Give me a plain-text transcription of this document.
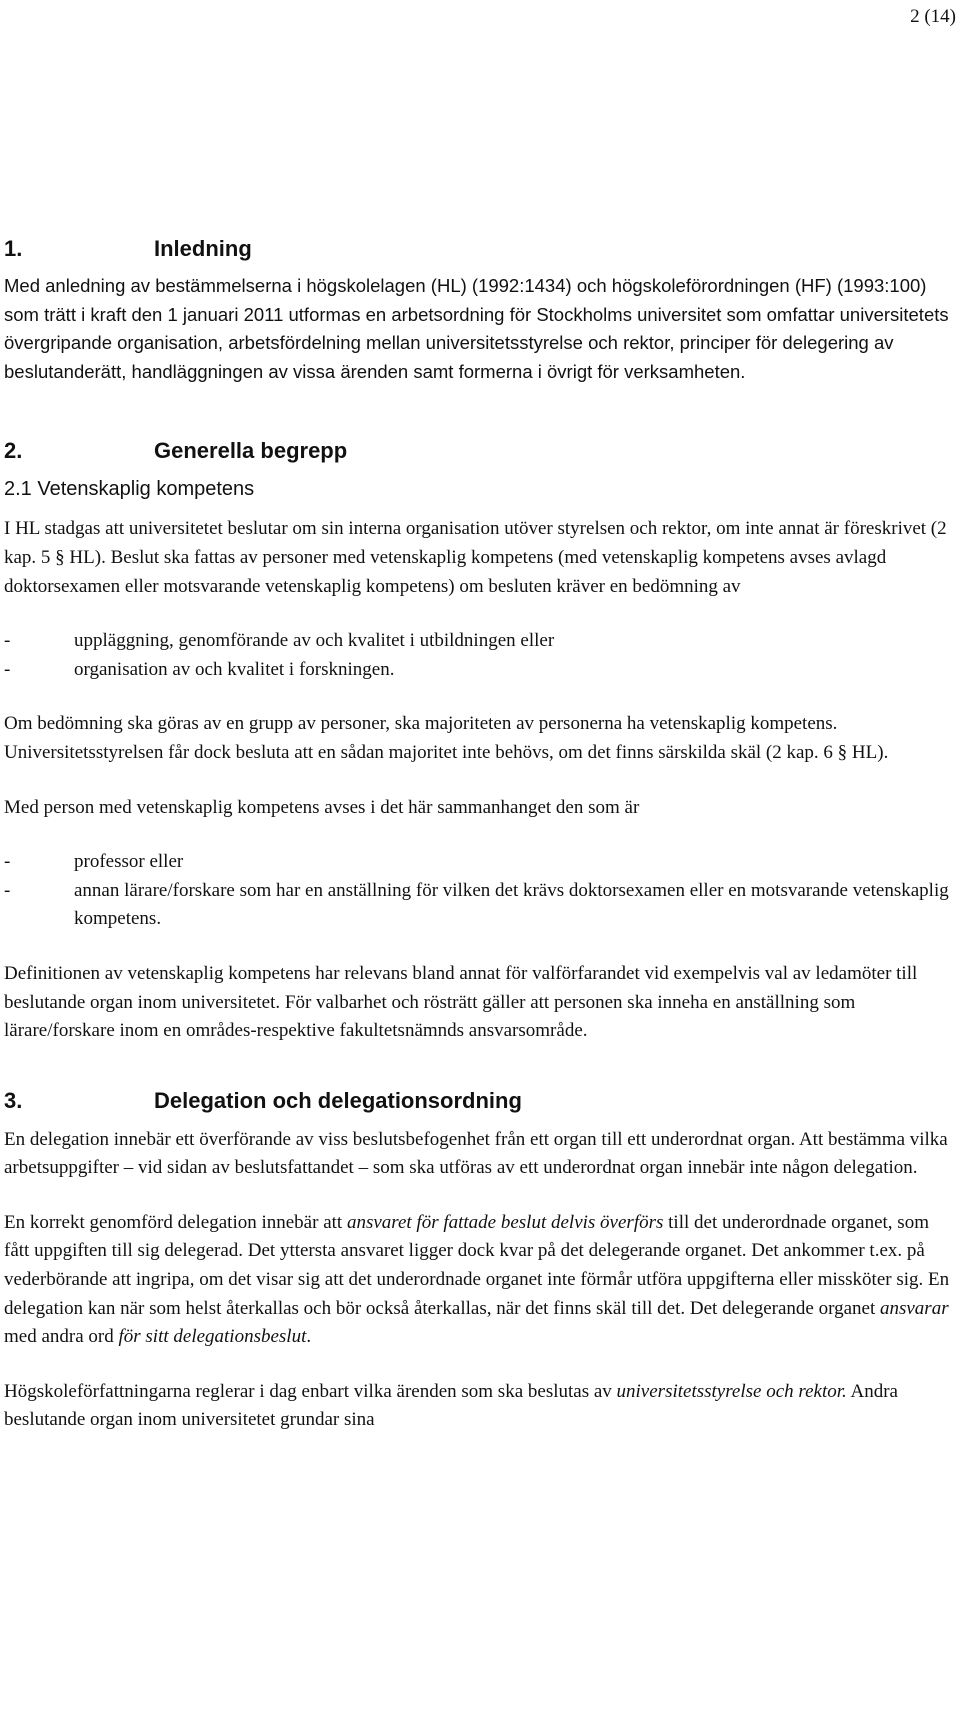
2 (14)
1.	Inledning

Med anledning av bestämmelserna i högskolelagen (HL) (1992:1434) och högskoleförordningen (HF) (1993:100) som trätt i kraft den 1 januari 2011 utformas en arbetsordning för Stockholms universitet som omfattar universitetets övergripande organisation, arbetsfördelning mellan universitetsstyrelse och rektor, principer för delegering av beslutanderätt, handläggningen av vissa ärenden samt formerna i övrigt för verksamheten.

2.	Generella begrepp
2.1 Vetenskaplig kompetens

I HL stadgas att universitetet beslutar om sin interna organisation utöver styrelsen och rektor, om inte annat är föreskrivet (2 kap. 5 § HL). Beslut ska fattas av personer med vetenskaplig kompetens (med vetenskaplig kompetens avses avlagd doktorsexamen eller motsvarande vetenskaplig kompetens) om besluten kräver en bedömning av

-	uppläggning, genomförande av och kvalitet i utbildningen eller
-	organisation av och kvalitet i forskningen.

Om bedömning ska göras av en grupp av personer, ska majoriteten av personerna ha vetenskaplig kompetens. Universitetsstyrelsen får dock besluta att en sådan majoritet inte behövs, om det finns särskilda skäl (2 kap. 6 § HL).

Med person med vetenskaplig kompetens avses i det här sammanhanget den som är

-	professor eller
-	annan lärare/forskare som har en anställning för vilken det krävs doktorsexamen eller en motsvarande vetenskaplig kompetens.

Definitionen av vetenskaplig kompetens har relevans bland annat för valförfarandet vid exempelvis val av ledamöter till beslutande organ inom universitetet. För valbarhet och rösträtt gäller att personen ska inneha en anställning som lärare/forskare inom en områdes-respektive fakultetsnämnds ansvarsområde.

3.	Delegation och delegationsordning

En delegation innebär ett överförande av viss beslutsbefogenhet från ett organ till ett underordnat organ. Att bestämma vilka arbetsuppgifter – vid sidan av beslutsfattandet – som ska utföras av ett underordnat organ innebär inte någon delegation.

En korrekt genomförd delegation innebär att ansvaret för fattade beslut delvis överförs till det underordnade organet, som fått uppgiften till sig delegerad. Det yttersta ansvaret ligger dock kvar på det delegerande organet. Det ankommer t.ex. på vederbörande att ingripa, om det visar sig att det underordnade organet inte förmår utföra uppgifterna eller missköter sig. En delegation kan när som helst återkallas och bör också återkallas, när det finns skäl till det. Det delegerande organet ansvarar med andra ord för sitt delegationsbeslut.

Högskoleförfattningarna reglerar i dag enbart vilka ärenden som ska beslutas av universitetsstyrelse och rektor. Andra beslutande organ inom universitetet grundar sina
